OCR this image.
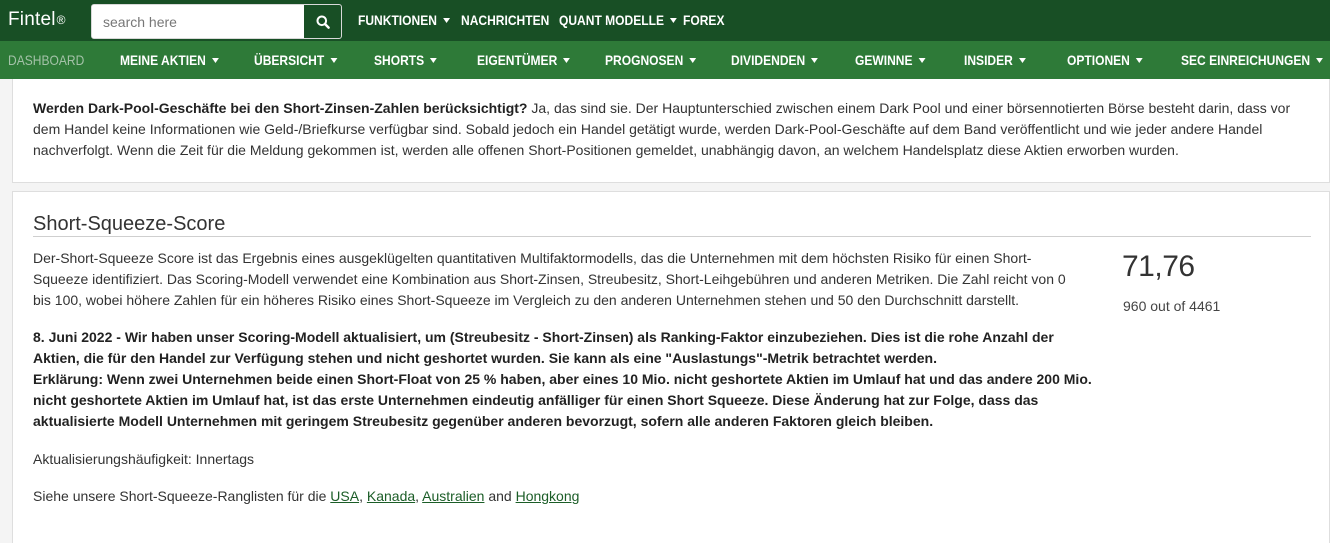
Fintel®
search here	FUNKTIONEN	NACHRICHTEN QUANT MODELLE	FOREX
DASHBOARD	MEINE AKTIEN	ÜBERSICHT	SHORTS	EIGENTÜMER	PROGNOSEN	DIVIDENDEN	GEWINNE	INSIDER	OPTIONEN	SEC EINREICHUNGEN

Werden Dark-Pool-Geschäfte bei den Short-Zinsen-Zahlen berücksichtigt? Ja, das sind sie. Der Hauptunterschied zwischen einem Dark Pool und einer börsennotierten Börse besteht darin, dass vor dem Handel keine Informationen wie Geld-/Briefkurse verfügbar sind. Sobald jedoch ein Handel getätigt wurde, werden Dark-Pool-Geschäfte auf dem Band veröffentlicht und wie jeder andere Handel nachverfolgt. Wenn die Zeit für die Meldung gekommen ist, werden alle offenen Short-Positionen gemeldet, unabhängig davon, an welchem Handelsplatz diese Aktien erworben wurden.

Short-Squeeze-Score

Der-Short-Squeeze Score ist das Ergebnis eines ausgeklügelten quantitativen Multifaktormodells, das die Unternehmen mit dem höchsten Risiko für einen Short-Squeeze identifiziert. Das Scoring-Modell verwendet eine Kombination aus Short-Zinsen, Streubesitz, Short-Leihgebühren und anderen Metriken. Die Zahl reicht von 0 bis 100, wobei höhere Zahlen für ein höheres Risiko eines Short-Squeeze im Vergleich zu den anderen Unternehmen stehen und 50 den Durchschnitt darstellt.

8. Juni 2022 - Wir haben unser Scoring-Modell aktualisiert, um (Streubesitz - Short-Zinsen) als Ranking-Faktor einzubeziehen. Dies ist die rohe Anzahl der Aktien, die für den Handel zur Verfügung stehen und nicht geshortet wurden. Sie kann als eine "Auslastungs"-Metrik betrachtet werden.
Erklärung: Wenn zwei Unternehmen beide einen Short-Float von 25 % haben, aber eines 10 Mio. nicht geshortete Aktien im Umlauf hat und das andere 200 Mio. nicht geshortete Aktien im Umlauf hat, ist das erste Unternehmen eindeutig anfälliger für einen Short Squeeze. Diese Änderung hat zur Folge, dass das aktualisierte Modell Unternehmen mit geringem Streubesitz gegenüber anderen bevorzugt, sofern alle anderen Faktoren gleich bleiben.

Aktualisierungshäufigkeit: Innertags

Siehe unsere Short-Squeeze-Ranglisten für die USA, Kanada, Australien and Hongkong

71,76
960 out of 4461
